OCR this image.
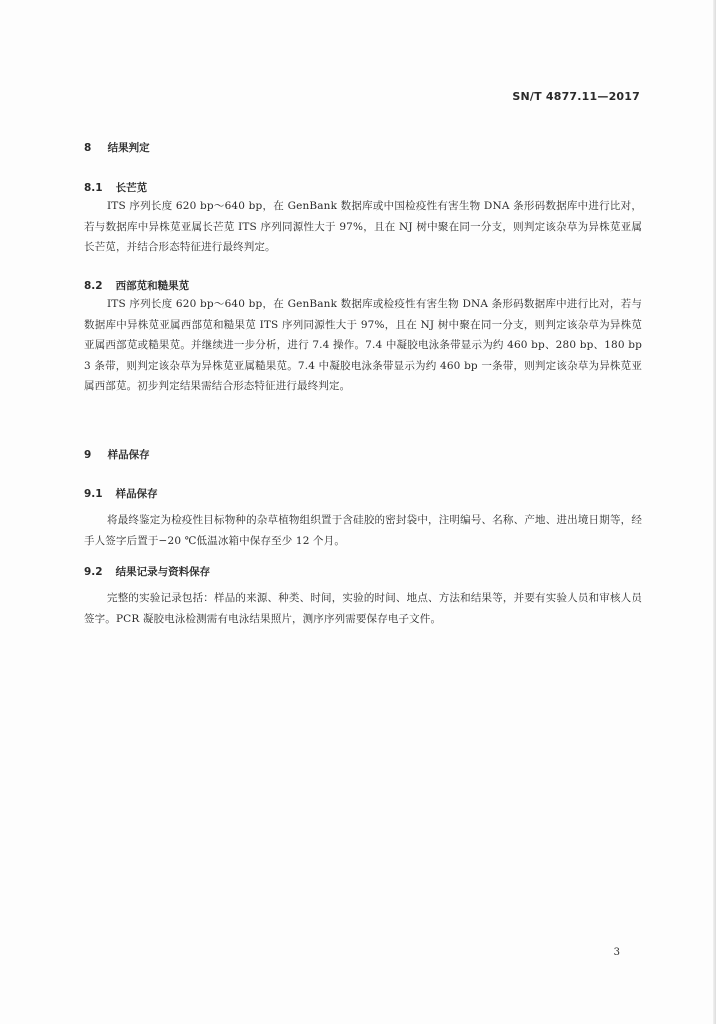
SN/T 4877.11—2017
8 结果判定
8.1 长芒苋

ITS 序列长度 620 bp～640 bp，在 GenBank 数据库或中国检疫性有害生物 DNA 条形码数据库中进行比对，若与数据库中异株苋亚属长芒苋 ITS 序列同源性大于 97%，且在 NJ 树中聚在同一分支，则判定该杂草为异株苋亚属长芒苋，并结合形态特征进行最终判定。

8.2 西部苋和糙果苋

ITS 序列长度 620 bp～640 bp，在 GenBank 数据库或检疫性有害生物 DNA 条形码数据库中进行比对，若与数据库中异株苋亚属西部苋和糙果苋 ITS 序列同源性大于 97%，且在 NJ 树中聚在同一分支，则判定该杂草为异株苋亚属西部苋或糙果苋。并继续进一步分析，进行 7.4 操作。7.4 中凝胶电泳条带显示为约 460 bp、280 bp、180 bp 3 条带，则判定该杂草为异株苋亚属糙果苋。7.4 中凝胶电泳条带显示为约 460 bp 一条带，则判定该杂草为异株苋亚属西部苋。初步判定结果需结合形态特征进行最终判定。

9 样品保存
9.1 样品保存

将最终鉴定为检疫性目标物种的杂草植物组织置于含硅胶的密封袋中，注明编号、名称、产地、进出境日期等，经手人签字后置于−20 ℃低温冰箱中保存至少 12 个月。

9.2 结果记录与资料保存

完整的实验记录包括：样品的来源、种类、时间，实验的时间、地点、方法和结果等，并要有实验人员和审核人员签字。PCR 凝胶电泳检测需有电泳结果照片，测序序列需要保存电子文件。

3
